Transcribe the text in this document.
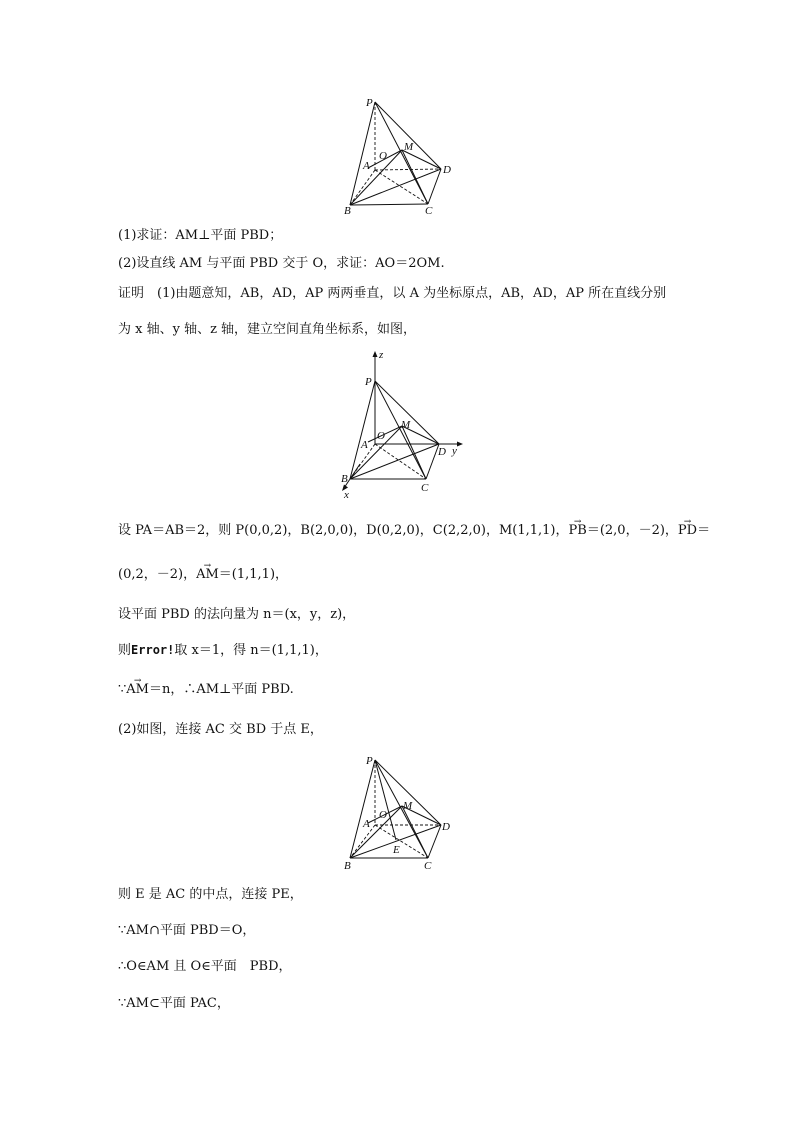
P
M
O
A	D
B	C
(1)求证：AM⊥平面 PBD；
(2)设直线 AM 与平面 PBD 交于 O，求证：AO＝2OM.
证明　(1)由题意知，AB，AD，AP 两两垂直，以 A 为坐标原点，AB，AD，AP 所在直线分别
为 x 轴、y 轴、z 轴，建立空间直角坐标系，如图，
z
y
x
P
M
O
A
D
B
C
设 PA＝AB＝2，则 P(0,0,2)，B(2,0,0)，D(0,2,0)，C(2,2,0)，M(1,1,1)，→ PB＝(2,0，－2)，→ PD＝
(0,2，－2)，→ AM＝(1,1,1)，
设平面 PBD 的法向量为 n＝(x，y，z)，
则Error!取 x＝1，得 n＝(1,1,1)，
∵→ AM＝n，∴AM⊥平面 PBD.
(2)如图，连接 AC 交 BD 于点 E，
P
M
O
A	D
E
B	C
则 E 是 AC 的中点，连接 PE，
∵AM∩平面 PBD＝O，
∴O∈AM 且 O∈平面　PBD，
∵AM⊂平面 PAC，
